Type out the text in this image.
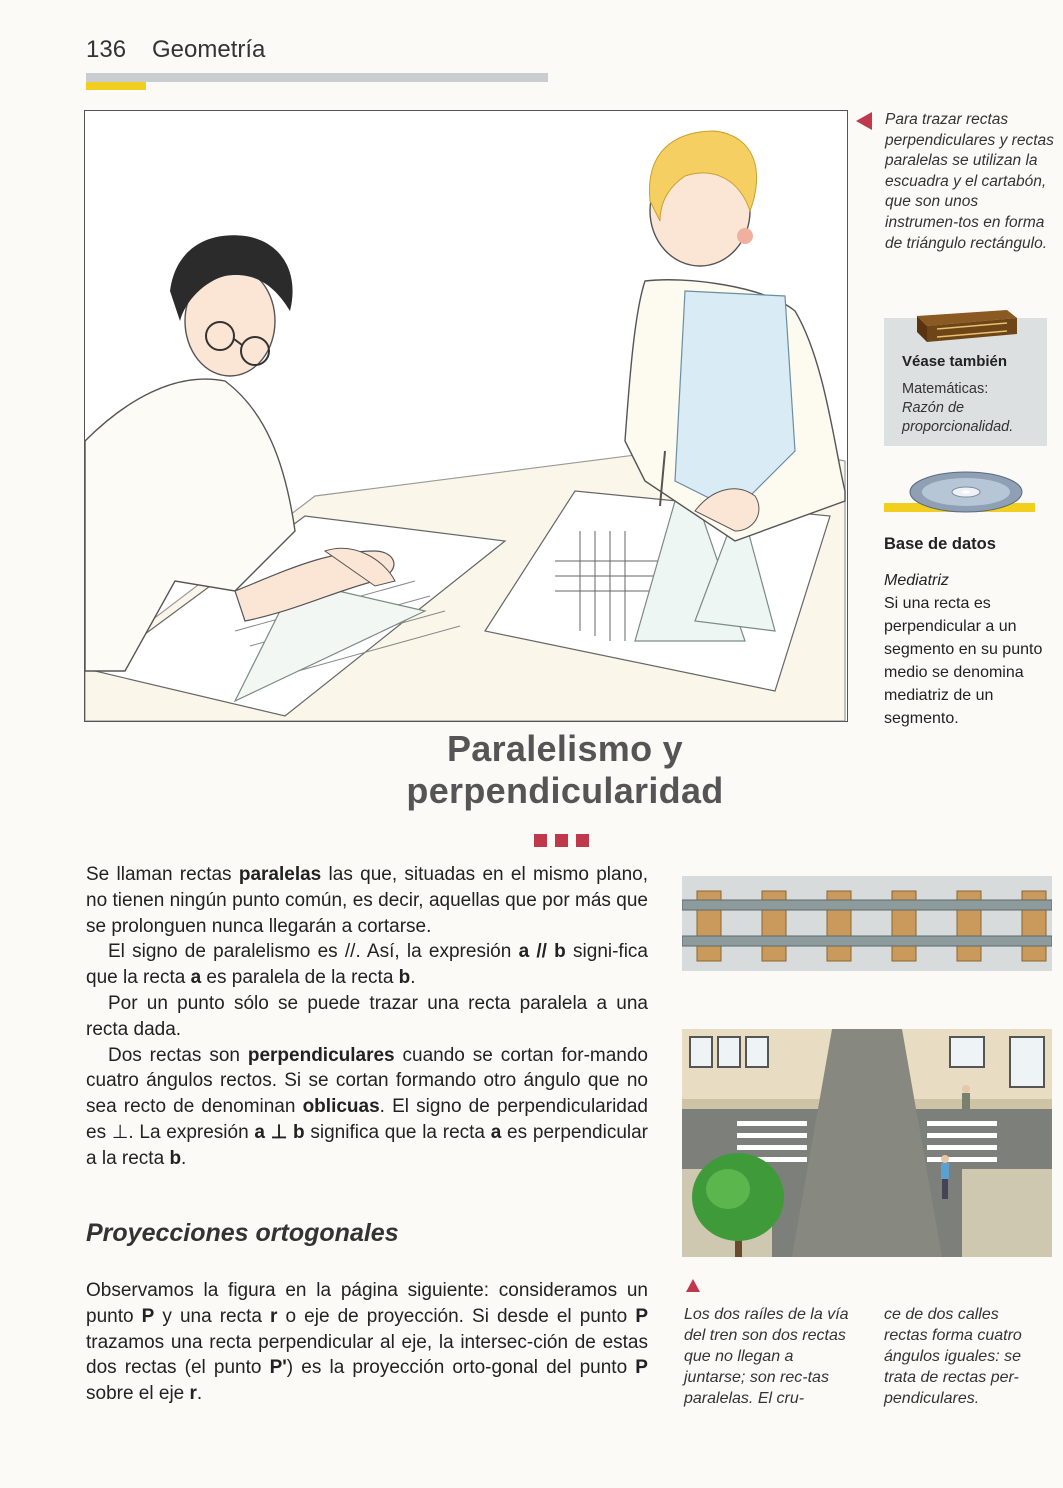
136 Geometría
Para trazar rectas perpendiculares y rectas paralelas se utilizan la escuadra y el cartabón, que son unos instrumen-tos en forma de triángulo rectángulo.
Véase también
Matemáticas:
Razón de proporcionalidad.
Base de datos
Mediatriz
Si una recta es perpendicular a un segmento en su punto medio se denomina mediatriz de un segmento.
Paralelismo y
perpendicularidad

Se llaman rectas paralelas las que, situadas en el mismo plano, no tienen ningún punto común, es decir, aquellas que por más que se prolonguen nunca llegarán a cortarse.

El signo de paralelismo es //. Así, la expresión a // b signi-fica que la recta a es paralela de la recta b.

Por un punto sólo se puede trazar una recta paralela a una recta dada.

Dos rectas son perpendiculares cuando se cortan for-mando cuatro ángulos rectos. Si se cortan formando otro ángulo que no sea recto de denominan oblicuas. El signo de perpendicularidad es ⊥. La expresión a ⊥ b significa que la recta a es perpendicular a la recta b.

Proyecciones ortogonales

Observamos la figura en la página siguiente: consideramos un punto P y una recta r o eje de proyección. Si desde el punto P trazamos una recta perpendicular al eje, la intersec-ción de estas dos rectas (el punto P') es la proyección orto-gonal del punto P sobre el eje r.

Los dos raíles de la vía del tren son dos rectas que no llegan a juntarse; son rec-tas paralelas. El cru-
ce de dos calles rectas forma cuatro ángulos iguales: se trata de rectas per-pendiculares.
